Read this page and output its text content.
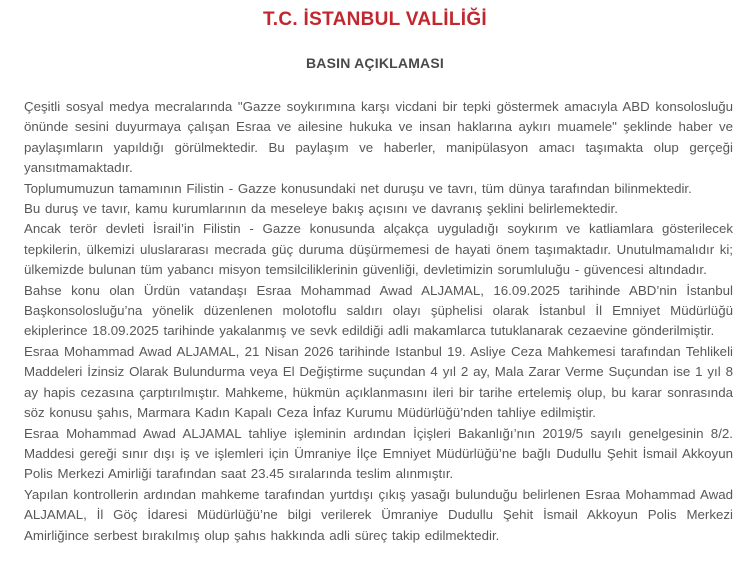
T.C. İSTANBUL VALİLİĞİ
BASIN AÇIKLAMASI

Çeşitli sosyal medya mecralarında "Gazze soykırımına karşı vicdani bir tepki göstermek amacıyla ABD konsolosluğu önünde sesini duyurmaya çalışan Esraa ve ailesine hukuka ve insan haklarına aykırı muamele" şeklinde haber ve paylaşımların yapıldığı görülmektedir. Bu paylaşım ve haberler, manipülasyon amacı taşımakta olup gerçeği yansıtmamaktadır.

Toplumumuzun tamamının Filistin - Gazze konusundaki net duruşu ve tavrı, tüm dünya tarafından bilinmektedir.

Bu duruş ve tavır, kamu kurumlarının da meseleye bakış açısını ve davranış şeklini belirlemektedir.

Ancak terör devleti İsrail’in Filistin - Gazze konusunda alçakça uyguladığı soykırım ve katliamlara gösterilecek tepkilerin, ülkemizi uluslararası mecrada güç duruma düşürmemesi de hayati önem taşımaktadır. Unutulmamalıdır ki; ülkemizde bulunan tüm yabancı misyon temsilciliklerinin güvenliği, devletimizin sorumluluğu - güvencesi altındadır.

Bahse konu olan Ürdün vatandaşı Esraa Mohammad Awad ALJAMAL, 16.09.2025 tarihinde ABD’nin İstanbul Başkonsolosluğu’na yönelik düzenlenen molotoflu saldırı olayı şüphelisi olarak İstanbul İl Emniyet Müdürlüğü ekiplerince 18.09.2025 tarihinde yakalanmış ve sevk edildiği adli makamlarca tutuklanarak cezaevine gönderilmiştir.

Esraa Mohammad Awad ALJAMAL, 21 Nisan 2026 tarihinde Istanbul 19. Asliye Ceza Mahkemesi tarafından Tehlikeli Maddeleri İzinsiz Olarak Bulundurma veya El Değiştirme suçundan 4 yıl 2 ay, Mala Zarar Verme Suçundan ise 1 yıl 8 ay hapis cezasına çarptırılmıştır. Mahkeme, hükmün açıklanmasını ileri bir tarihe ertelemiş olup, bu karar sonrasında söz konusu şahıs, Marmara Kadın Kapalı Ceza İnfaz Kurumu Müdürlüğü’nden tahliye edilmiştir.

Esraa Mohammad Awad ALJAMAL tahliye işleminin ardından İçişleri Bakanlığı’nın 2019/5 sayılı genelgesinin 8/2. Maddesi gereği sınır dışı iş ve işlemleri için Ümraniye İlçe Emniyet Müdürlüğü’ne bağlı Dudullu Şehit İsmail Akkoyun Polis Merkezi Amirliği tarafından saat 23.45 sıralarında teslim alınmıştır.

Yapılan kontrollerin ardından mahkeme tarafından yurtdışı çıkış yasağı bulunduğu belirlenen Esraa Mohammad Awad ALJAMAL, İl Göç İdaresi Müdürlüğü’ne bilgi verilerek Ümraniye Dudullu Şehit İsmail Akkoyun Polis Merkezi Amirliğince serbest bırakılmış olup şahıs hakkında adli süreç takip edilmektedir.
